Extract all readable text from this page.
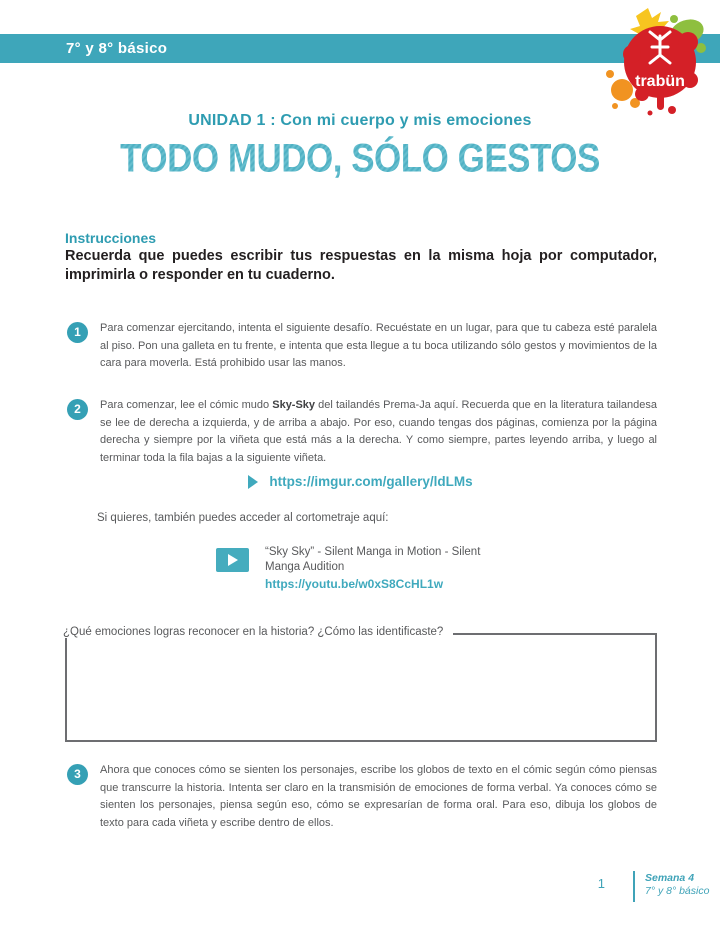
7° y 8° básico
trabün
UNIDAD 1 : Con mi cuerpo y mis emociones
TODO MUDO, SÓLO GESTOS
Instrucciones
Recuerda que puedes escribir tus respuestas en la misma hoja por computador, imprimirla o responder en tu cuaderno.
1	Para comenzar ejercitando, intenta el siguiente desafío. Recuéstate en un lugar, para que tu cabeza esté paralela al piso. Pon una galleta en tu frente, e intenta que esta llegue a tu boca utilizando sólo gestos y movimientos de la cara para moverla. Está prohibido usar las manos.
2	Para comenzar, lee el cómic mudo Sky-Sky del tailandés Prema-Ja aquí. Recuerda que en la literatura tailandesa se lee de derecha a izquierda, y de arriba a abajo. Por eso, cuando tengas dos páginas, comienza por la página derecha y siempre por la viñeta que está más a la derecha. Y como siempre, partes leyendo arriba, y luego al terminar toda la fila bajas a la siguiente viñeta.
https://imgur.com/gallery/ldLMs
Si quieres, también puedes acceder al cortometraje aquí:
“Sky Sky” - Silent Manga in Motion - Silent
Manga Audition
https://youtu.be/w0xS8CcHL1w
¿Qué emociones logras reconocer en la historia? ¿Cómo las identificaste?
3	Ahora que conoces cómo se sienten los personajes, escribe los globos de texto en el cómic según cómo piensas que transcurre la historia. Intenta ser claro en la transmisión de emociones de forma verbal. Ya conoces cómo se sienten los personajes, piensa según eso, cómo se expresarían de forma oral. Para eso, dibuja los globos de texto para cada viñeta y escribe dentro de ellos.
1	Semana 4
7° y 8° básico
